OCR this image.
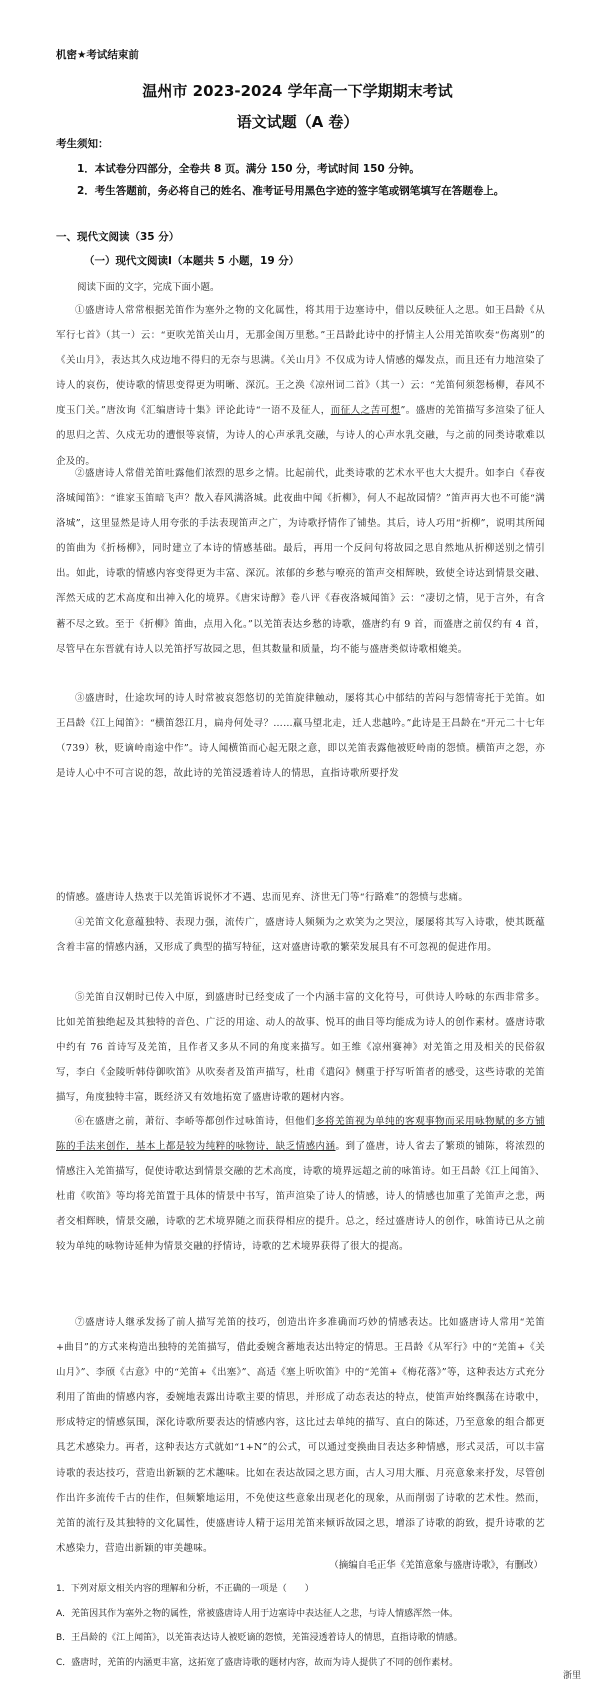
机密★考试结束前
温州市 2023-2024 学年高一下学期期末考试
语文试题（A 卷）
考生须知：
1．本试卷分四部分，全卷共 8 页。满分 150 分，考试时间 150 分钟。
2．考生答题前，务必将自己的姓名、准考证号用黑色字迹的签字笔或钢笔填写在答题卷上。
一、现代文阅读（35 分）
（一）现代文阅读Ⅰ（本题共 5 小题，19 分）
阅读下面的文字，完成下面小题。
①盛唐诗人常常根据羌笛作为塞外之物的文化属性，将其用于边塞诗中，借以反映征人之思。如王昌龄《从军行七首》（其一）云：“更吹羌笛关山月，无那金闺万里愁。”王昌龄此诗中的抒情主人公用羌笛吹奏“伤离别”的《关山月》，表达其久戍边地不得归的无奈与思满。《关山月》不仅成为诗人情感的爆发点，而且还有力地渲染了诗人的哀伤，使诗歌的情思变得更为明晰、深沉。王之涣《凉州词二首》（其一）云：“羌笛何须怨杨柳，春风不度玉门关。”唐汝询《汇编唐诗十集》评论此诗“一语不及征人，而征人之苦可想”。盛唐的羌笛描写多渲染了征人的思归之苦、久戍无功的遭恨等哀情，为诗人的心声承乳交融，与诗人的心声水乳交融，与之前的同类诗歌难以企及的。
②盛唐诗人常借羌笛吐露他们浓烈的思乡之情。比起前代，此类诗歌的艺术水平也大大提升。如李白《春夜洛城闻笛》：“谁家玉笛暗飞声？散入春风满洛城。此夜曲中闻《折柳》，何人不起故园情？”笛声再大也不可能“满洛城”，这里显然是诗人用夸张的手法表现笛声之广，为诗歌抒情作了铺垫。其后，诗人巧用“折柳”，说明其所闻的笛曲为《折杨柳》，同时建立了本诗的情感基础。最后，再用一个反问句将故园之思自然地从折柳送别之情引出。如此，诗歌的情感内容变得更为丰富、深沉。浓郁的乡愁与嘹亮的笛声交相辉映，致使全诗达到情景交融、浑然天成的艺术高度和出神入化的境界。《唐宋诗醇》卷八评《春夜洛城闻笛》云：“凄切之情，见于言外，有含蓄不尽之致。至于《折柳》笛曲，点用入化。”以羌笛表达乡愁的诗歌，盛唐约有 9 首，而盛唐之前仅约有 4 首，尽管早在东晋就有诗人以羌笛抒写故园之思，但其数量和质量，均不能与盛唐类似诗歌相媲美。
③盛唐时，仕途坎坷的诗人时常被哀怨悠切的羌笛旋律触动，屡将其心中郁结的苦闷与怨情寄托于羌笛。如王昌龄《江上闻笛》：“横笛怨江月，扁舟何处寻？……羸马望北走，迁人悲越吟。”此诗是王昌龄在“开元二十七年（739）秋，贬谪岭南途中作”。诗人闻横笛而心起无限之意，即以羌笛表露他被贬岭南的怨愤。横笛声之怨，亦是诗人心中不可言说的怨，故此诗的羌笛浸透着诗人的情思，直指诗歌所要抒发
的情感。盛唐诗人热衷于以羌笛诉说怀才不遇、忠而见弃、济世无门等“行路难”的怨愤与悲痛。
④羌笛文化意蕴独特、表现力强，流传广，盛唐诗人频频为之欢笑为之哭泣，屡屡将其写入诗歌，使其既蕴含着丰富的情感内涵，又形成了典型的描写特征，这对盛唐诗歌的繁荣发展具有不可忽视的促进作用。
⑤羌笛自汉朝时已传入中原，到盛唐时已经变成了一个内涵丰富的文化符号，可供诗人吟咏的东西非常多。比如羌笛独绝起及其独特的音色、广泛的用途、动人的故事、悦耳的曲目等均能成为诗人的创作素材。盛唐诗歌中约有 76 首诗写及羌笛，且作者又多从不同的角度来描写。如王维《凉州赛神》对羌笛之用及相关的民俗叙写，李白《金陵听韩侍御吹笛》从吹奏者及笛声描写，杜甫《遣闷》侧重于抒写听笛者的感受，这些诗歌的羌笛描写，角度独特丰富，既经济又有效地拓宽了盛唐诗歌的题材内容。
⑥在盛唐之前，萧衍、李峤等都创作过咏笛诗，但他们多将羌笛视为单纯的客观事物而采用咏物赋的多方铺陈的手法来创作，基本上都是较为纯粹的咏物诗，缺乏情感内涵。到了盛唐，诗人省去了繁琐的铺陈，将浓烈的情感注入羌笛描写，促使诗歌达到情景交融的艺术高度，诗歌的境界远超之前的咏笛诗。如王昌龄《江上闻笛》、杜甫《吹笛》等均将羌笛置于具体的情景中书写，笛声渲染了诗人的情感，诗人的情感也加重了羌笛声之悲，两者交相辉映，情景交融，诗歌的艺术境界随之而获得相应的提升。总之，经过盛唐诗人的创作，咏笛诗已从之前较为单纯的咏物诗延伸为情景交融的抒情诗，诗歌的艺术境界获得了很大的提高。
⑦盛唐诗人继承发扬了前人描写羌笛的技巧，创造出许多准确而巧妙的情感表达。比如盛唐诗人常用“羌笛+曲目”的方式来构造出独特的羌笛描写，借此委婉含蓄地表达出特定的情思。王昌龄《从军行》中的“羌笛+《关山月》”、李颀《古意》中的“羌笛+《出塞》”、高适《塞上听吹笛》中的“羌笛+《梅花落》”等，这种表达方式充分利用了笛曲的情感内容，委婉地表露出诗歌主要的情思，并形成了动态表达的特点，使笛声始终飘荡在诗歌中，形成特定的情感氛围，深化诗歌所要表达的情感内容，这比过去单纯的描写、直白的陈述，乃至意象的组合都更具艺术感染力。再者，这种表达方式就如“1+N”的公式，可以通过变换曲目表达多种情感，形式灵活，可以丰富诗歌的表达技巧，营造出新颖的艺术趣味。比如在表达故园之思方面，古人习用大雁、月亮意象来抒发，尽管创作出许多流传千古的佳作，但频繁地运用，不免使这些意象出现老化的现象，从而削弱了诗歌的艺术性。然而，羌笛的流行及其独特的文化属性，使盛唐诗人精于运用羌笛来倾诉故园之思，增添了诗歌的韵致，提升诗歌的艺术感染力，营造出新颖的审美趣味。
（摘编自毛正华《羌笛意象与盛唐诗歌》，有删改）
1．下列对原文相关内容的理解和分析，不正确的一项是（　　）
A．羌笛因其作为塞外之物的属性，常被盛唐诗人用于边塞诗中表达征人之悲，与诗人情感浑然一体。
B．王昌龄的《江上闻笛》，以羌笛表达诗人被贬谪的怨愤，羌笛浸透着诗人的情思，直指诗歌的情感。
C．盛唐时，羌笛的内涵更丰富，这拓宽了盛唐诗歌的题材内容，故而为诗人提供了不同的创作素材。
浙里
